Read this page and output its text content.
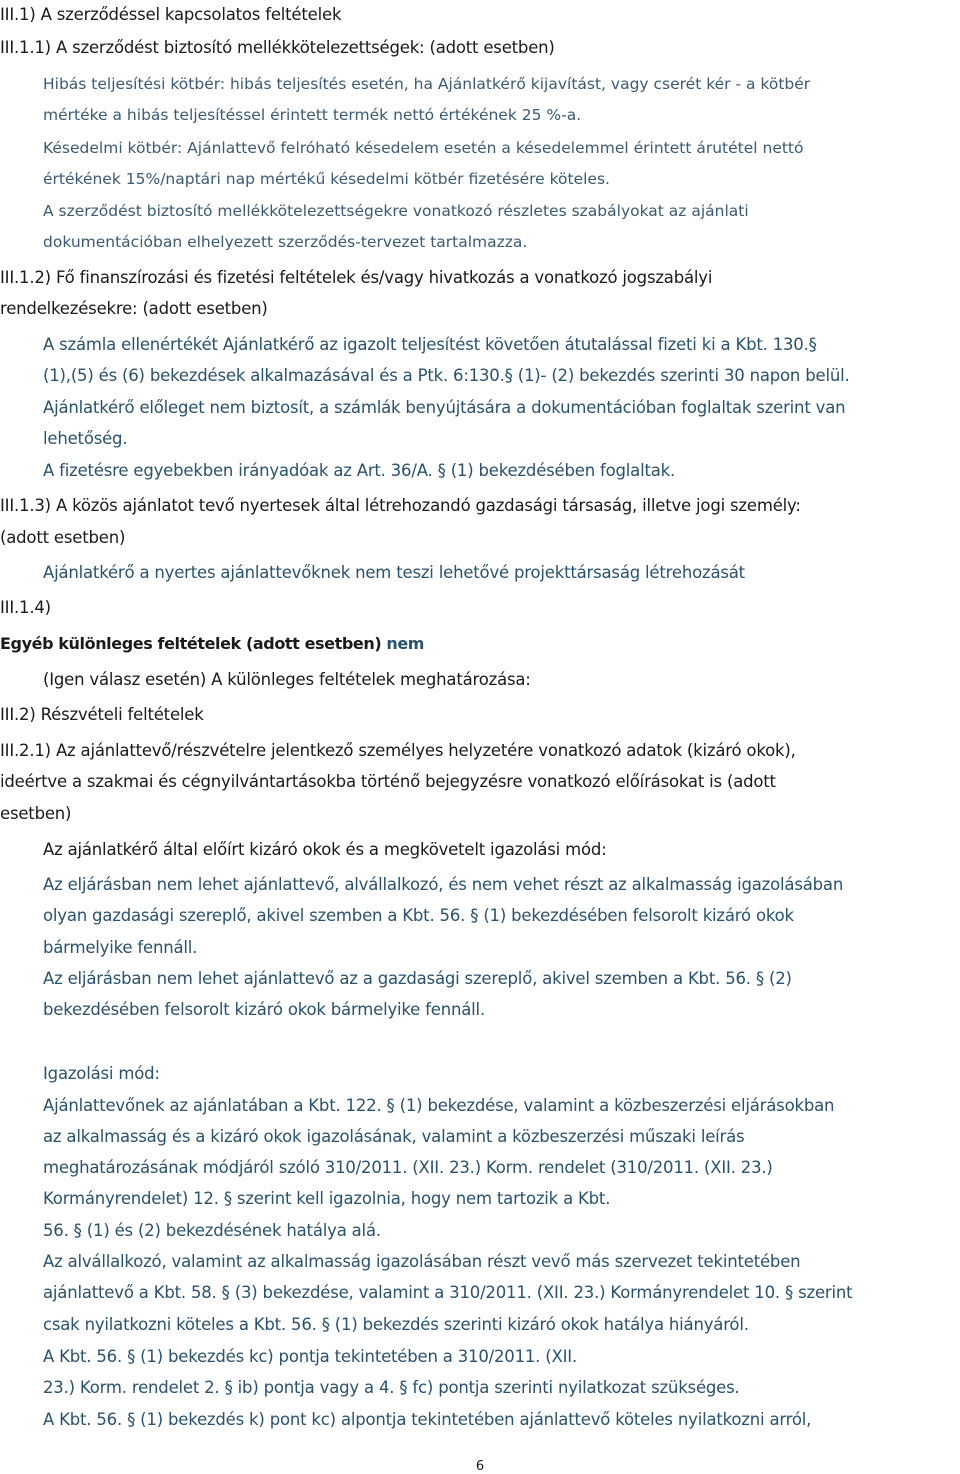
III.1) A szerződéssel kapcsolatos feltételek
III.1.1) A szerződést biztosító mellékkötelezettségek: (adott esetben)
Hibás teljesítési kötbér: hibás teljesítés esetén, ha Ajánlatkérő kijavítást, vagy cserét kér - a kötbér
mértéke a hibás teljesítéssel érintett termék nettó értékének 25 %-a.
Késedelmi kötbér: Ajánlattevő felróható késedelem esetén a késedelemmel érintett árutétel nettó
értékének 15%/naptári nap mértékű késedelmi kötbér fizetésére köteles.
A szerződést biztosító mellékkötelezettségekre vonatkozó részletes szabályokat az ajánlati
dokumentációban elhelyezett szerződés-tervezet tartalmazza.
III.1.2) Fő finanszírozási és fizetési feltételek és/vagy hivatkozás a vonatkozó jogszabályi
rendelkezésekre: (adott esetben)
A számla ellenértékét Ajánlatkérő az igazolt teljesítést követően átutalással fizeti ki a Kbt. 130.§
(1),(5) és (6) bekezdések alkalmazásával és a Ptk. 6:130.§ (1)- (2) bekezdés szerinti 30 napon belül.
Ajánlatkérő előleget nem biztosít, a számlák benyújtására a dokumentációban foglaltak szerint van
lehetőség.
A fizetésre egyebekben irányadóak az Art. 36/A. § (1) bekezdésében foglaltak.
III.1.3) A közös ajánlatot tevő nyertesek által létrehozandó gazdasági társaság, illetve jogi személy:
(adott esetben)
Ajánlatkérő a nyertes ajánlattevőknek nem teszi lehetővé projekttársaság létrehozását
III.1.4)
Egyéb különleges feltételek (adott esetben) nem
(Igen válasz esetén) A különleges feltételek meghatározása:
III.2) Részvételi feltételek
III.2.1) Az ajánlattevő/részvételre jelentkező személyes helyzetére vonatkozó adatok (kizáró okok),
ideértve a szakmai és cégnyilvántartásokba történő bejegyzésre vonatkozó előírásokat is (adott
esetben)
Az ajánlatkérő által előírt kizáró okok és a megkövetelt igazolási mód:
Az eljárásban nem lehet ajánlattevő, alvállalkozó, és nem vehet részt az alkalmasság igazolásában
olyan gazdasági szereplő, akivel szemben a Kbt. 56. § (1) bekezdésében felsorolt kizáró okok
bármelyike fennáll.
Az eljárásban nem lehet ajánlattevő az a gazdasági szereplő, akivel szemben a Kbt. 56. § (2)
bekezdésében felsorolt kizáró okok bármelyike fennáll.
Igazolási mód:
Ajánlattevőnek az ajánlatában a Kbt. 122. § (1) bekezdése, valamint a közbeszerzési eljárásokban
az alkalmasság és a kizáró okok igazolásának, valamint a közbeszerzési műszaki leírás
meghatározásának módjáról szóló 310/2011. (XII. 23.) Korm. rendelet (310/2011. (XII. 23.)
Kormányrendelet) 12. § szerint kell igazolnia, hogy nem tartozik a Kbt.
56. § (1) és (2) bekezdésének hatálya alá.
Az alvállalkozó, valamint az alkalmasság igazolásában részt vevő más szervezet tekintetében
ajánlattevő a Kbt. 58. § (3) bekezdése, valamint a 310/2011. (XII. 23.) Kormányrendelet 10. § szerint
csak nyilatkozni köteles a Kbt. 56. § (1) bekezdés szerinti kizáró okok hatálya hiányáról.
A Kbt. 56. § (1) bekezdés kc) pontja tekintetében a 310/2011. (XII.
23.) Korm. rendelet 2. § ib) pontja vagy a 4. § fc) pontja szerinti nyilatkozat szükséges.
A Kbt. 56. § (1) bekezdés k) pont kc) alpontja tekintetében ajánlattevő köteles nyilatkozni arról,
6
